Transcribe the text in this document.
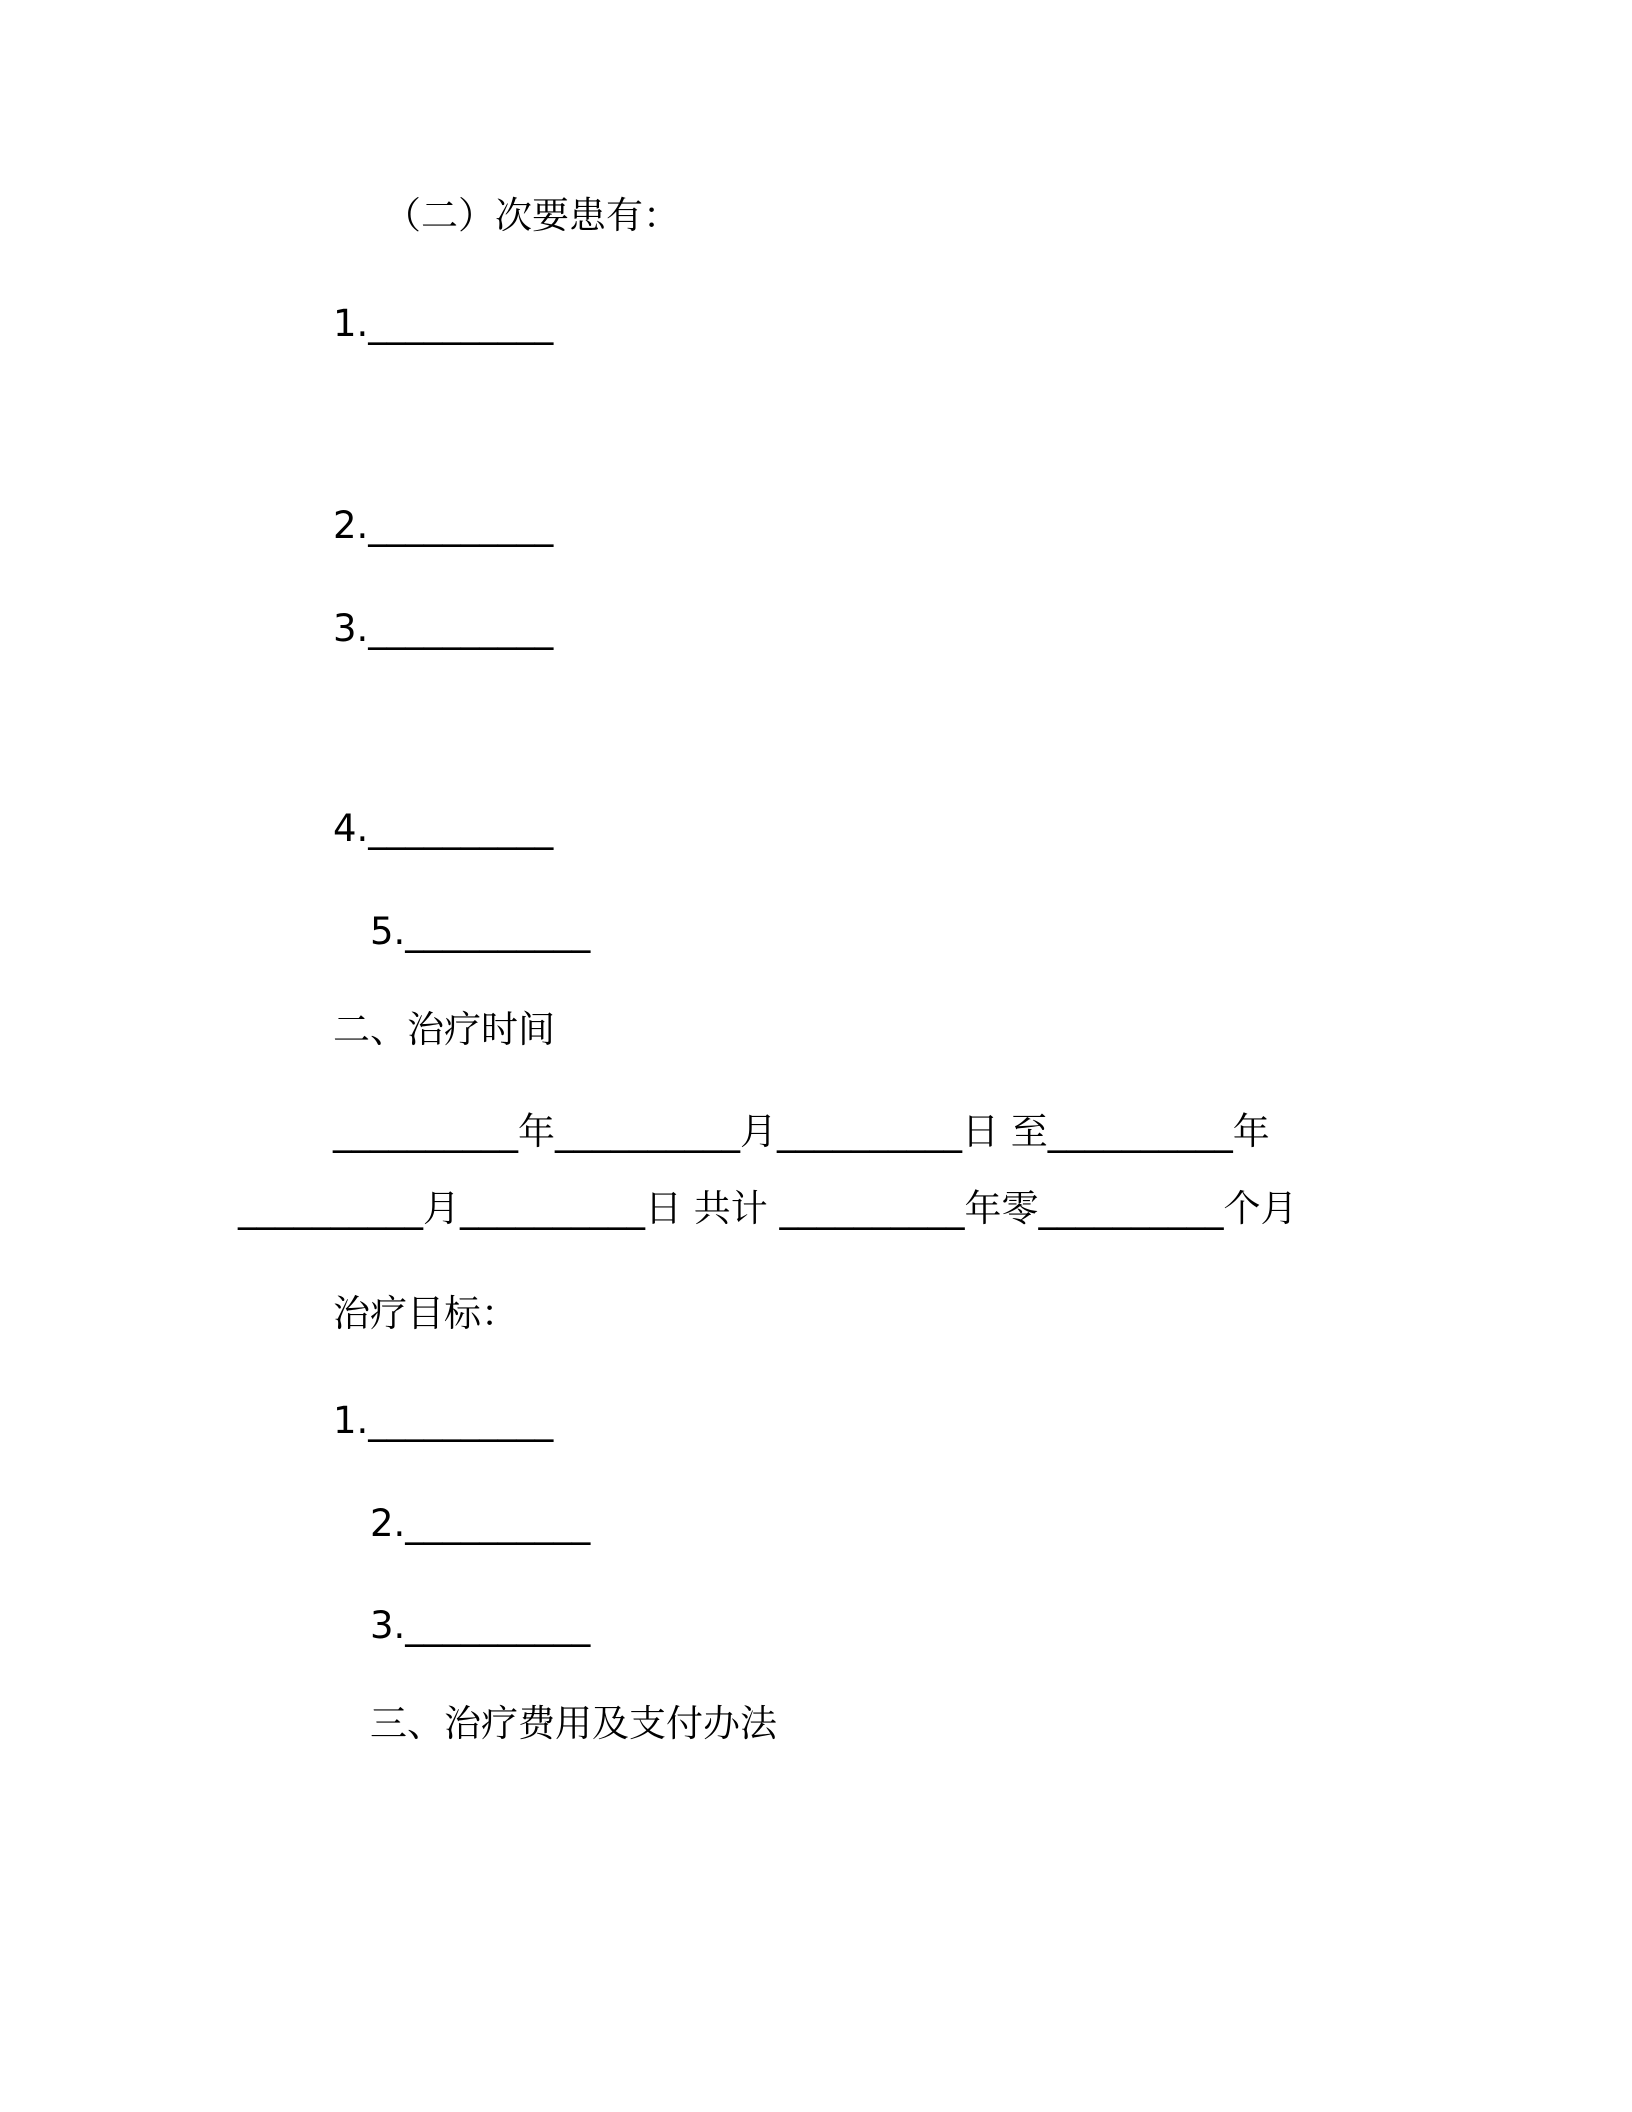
（二）次要患有：
1.__________
2.__________
3.__________
4.__________
5.__________
二、治疗时间
__________年__________月__________日 至__________年
__________月__________日 共计 __________年零__________个月
治疗目标：
1.__________
2.__________
3.__________
三、治疗费用及支付办法
